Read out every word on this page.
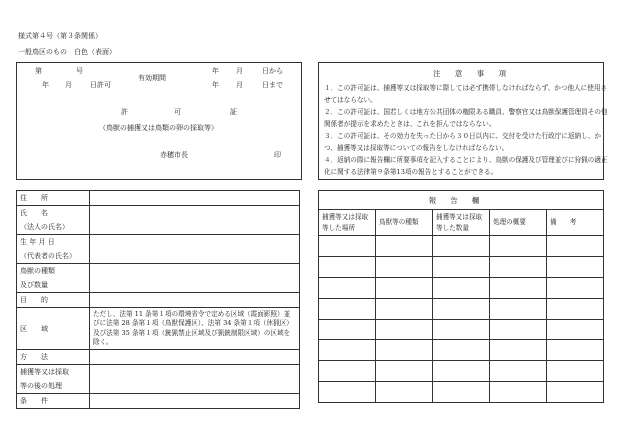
様式第４号（第３条関係）
一般鳥区のもの　白色（表面）
第	号
年 月	日許可
有効期間
年 月	日から
年 月	日まで
許	可	証
（鳥獣の捕獲又は鳥類の卵の採取等）
赤穂市長	印
注 意 事 項
１．この許可証は、捕獲等又は採取等に際しては必ず携帯しなければならず、かつ他人に使用させてはならない。
２．この許可証は、国若しくは地方公共団体の権限ある職員、警察官又は鳥獣保護管理員その他関係者が提示を求めたときは、これを拒んではならない。
３．この許可証は、その効力を失った日から３０日以内に、交付を受けた行政庁に返納し、かつ、捕獲等又は採取等についての報告をしなければならない。
４．返納の際に報告欄に所要事項を記入することにより、鳥獣の保護及び管理並びに狩猟の適正化に関する法律第９条第13項の報告とすることができる。
住　　所	

氏　　名
（法人の氏名）	

生 年 月 日
（代表者の氏名）	

鳥獣の種類
及び数量	

目　　的	

区　　域	ただし、法第 11 条第１項の環境省令で定める区域（霞面影照）並びに法第 28 条第１項（鳥獣保護区）、法第 34 条第１項（休猟区）及び法第 35 条第１項（銃猟禁止区域及び猟銃制限区域）の区域を除く。

方　　法	

捕獲等又は採取
等の後の処理	

条　　件	

報告欄				
捕獲等又は採取等した場所	鳥獣等の種類	捕獲等又は採取等した数量	処理の概要	備　　考
